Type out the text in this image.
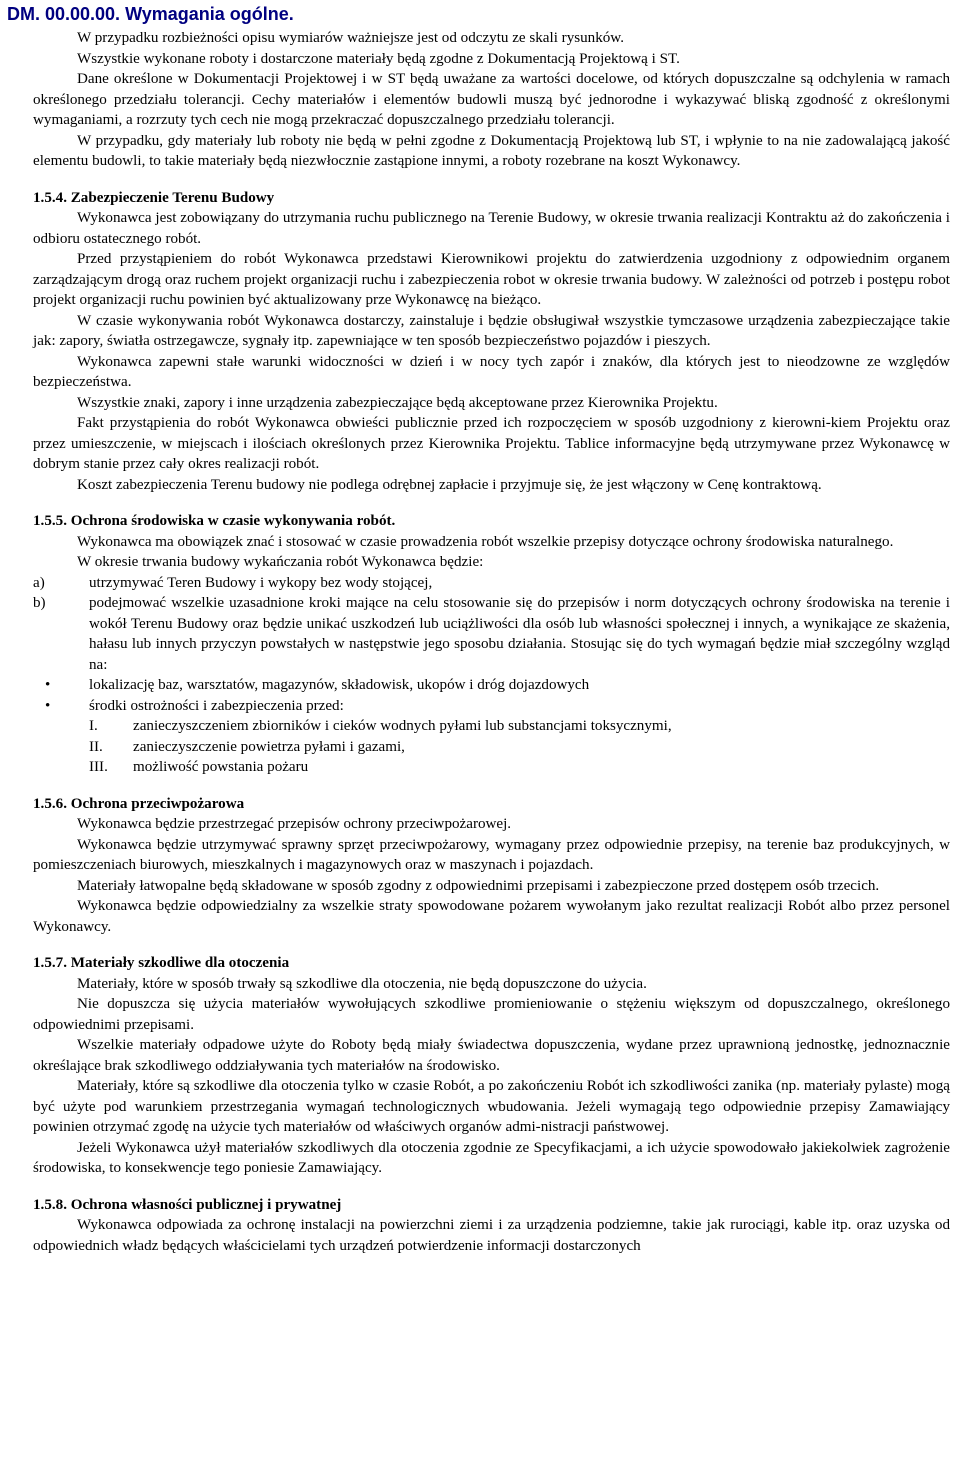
DM. 00.00.00. Wymagania ogólne.

W przypadku rozbieżności opisu wymiarów ważniejsze jest od odczytu ze skali rysunków.

Wszystkie wykonane roboty i dostarczone materiały będą zgodne z Dokumentacją Projektową i ST.

Dane określone w Dokumentacji Projektowej i w ST będą uważane za wartości docelowe, od których dopuszczalne są odchylenia w ramach określonego przedziału tolerancji. Cechy materiałów i elementów budowli muszą być jednorodne i wykazywać bliską zgodność z określonymi wymaganiami, a rozrzuty tych cech nie mogą przekraczać dopuszczalnego przedziału tolerancji.

W przypadku, gdy materiały lub roboty nie będą w pełni zgodne z Dokumentacją Projektową lub ST, i wpłynie to na nie zadowalającą jakość elementu budowli, to takie materiały będą niezwłocznie zastąpione innymi, a roboty rozebrane na koszt Wykonawcy.

1.5.4. Zabezpieczenie Terenu Budowy

Wykonawca jest zobowiązany do utrzymania ruchu publicznego na Terenie Budowy, w okresie trwania realizacji Kontraktu aż do zakończenia i odbioru ostatecznego robót.

Przed przystąpieniem do robót Wykonawca przedstawi Kierownikowi projektu do zatwierdzenia uzgodniony z odpowiednim organem zarządzającym drogą oraz ruchem projekt organizacji ruchu i zabezpieczenia robot w okresie trwania budowy. W zależności od potrzeb i postępu robot projekt organizacji ruchu powinien być aktualizowany prze Wykonawcę na bieżąco.

W czasie wykonywania robót Wykonawca dostarczy, zainstaluje i będzie obsługiwał wszystkie tymczasowe urządzenia zabezpieczające takie jak: zapory, światła ostrzegawcze, sygnały itp. zapewniające w ten sposób bezpieczeństwo pojazdów i pieszych.

Wykonawca zapewni stałe warunki widoczności w dzień i w nocy tych zapór i znaków, dla których jest to nieodzowne ze względów bezpieczeństwa.

Wszystkie znaki, zapory i inne urządzenia zabezpieczające będą akceptowane przez Kierownika Projektu.

Fakt przystąpienia do robót Wykonawca obwieści publicznie przed ich rozpoczęciem w sposób uzgodniony z kierowni-kiem Projektu oraz przez umieszczenie, w miejscach i ilościach określonych przez Kierownika Projektu. Tablice informacyjne będą utrzymywane przez Wykonawcę w dobrym stanie przez cały okres realizacji robót.

Koszt zabezpieczenia Terenu budowy nie podlega odrębnej zapłacie i przyjmuje się, że jest włączony w Cenę kontraktową.

1.5.5. Ochrona środowiska w czasie wykonywania robót.

Wykonawca ma obowiązek znać i stosować w czasie prowadzenia robót wszelkie przepisy dotyczące ochrony środowiska naturalnego.

W okresie trwania budowy wykańczania robót Wykonawca będzie:

a)	utrzymywać Teren Budowy i wykopy bez wody stojącej,
b)	podejmować wszelkie uzasadnione kroki mające na celu stosowanie się do przepisów i norm dotyczących ochrony środowiska na terenie i wokół Terenu Budowy oraz będzie unikać uszkodzeń lub uciążliwości dla osób lub własności społecznej i innych, a wynikające ze skażenia, hałasu lub innych przyczyn powstałych w następstwie jego sposobu działania. Stosując się do tych wymagań będzie miał szczególny wzgląd na:
•	lokalizację baz, warsztatów, magazynów, składowisk, ukopów i dróg dojazdowych
•	środki ostrożności i zabezpieczenia przed:
I. zanieczyszczeniem zbiorników i cieków wodnych pyłami lub substancjami toksycznymi,
II. zanieczyszczenie powietrza pyłami i gazami,
III. możliwość powstania pożaru
1.5.6. Ochrona przeciwpożarowa

Wykonawca będzie przestrzegać przepisów ochrony przeciwpożarowej.

Wykonawca będzie utrzymywać sprawny sprzęt przeciwpożarowy, wymagany przez odpowiednie przepisy, na terenie baz produkcyjnych, w pomieszczeniach biurowych, mieszkalnych i magazynowych oraz w maszynach i pojazdach.

Materiały łatwopalne będą składowane w sposób zgodny z odpowiednimi przepisami i zabezpieczone przed dostępem osób trzecich.

Wykonawca będzie odpowiedzialny za wszelkie straty spowodowane pożarem wywołanym jako rezultat realizacji Robót albo przez personel Wykonawcy.

1.5.7. Materiały szkodliwe dla otoczenia

Materiały, które w sposób trwały są szkodliwe dla otoczenia, nie będą dopuszczone do użycia.

Nie dopuszcza się użycia materiałów wywołujących szkodliwe promieniowanie o stężeniu większym od dopuszczalnego, określonego odpowiednimi przepisami.

Wszelkie materiały odpadowe użyte do Roboty będą miały świadectwa dopuszczenia, wydane przez uprawnioną jednostkę, jednoznacznie określające brak szkodliwego oddziaływania tych materiałów na środowisko.

Materiały, które są szkodliwe dla otoczenia tylko w czasie Robót, a po zakończeniu Robót ich szkodliwości zanika (np. materiały pylaste) mogą być użyte pod warunkiem przestrzegania wymagań technologicznych wbudowania. Jeżeli wymagają tego odpowiednie przepisy Zamawiający powinien otrzymać zgodę na użycie tych materiałów od właściwych organów admi-nistracji państwowej.

Jeżeli Wykonawca użył materiałów szkodliwych dla otoczenia zgodnie ze Specyfikacjami, a ich użycie spowodowało jakiekolwiek zagrożenie środowiska, to konsekwencje tego poniesie Zamawiający.

1.5.8. Ochrona własności publicznej i prywatnej

Wykonawca odpowiada za ochronę instalacji na powierzchni ziemi i za urządzenia podziemne, takie jak rurociągi, kable itp. oraz uzyska od odpowiednich władz będących właścicielami tych urządzeń potwierdzenie informacji dostarczonych
